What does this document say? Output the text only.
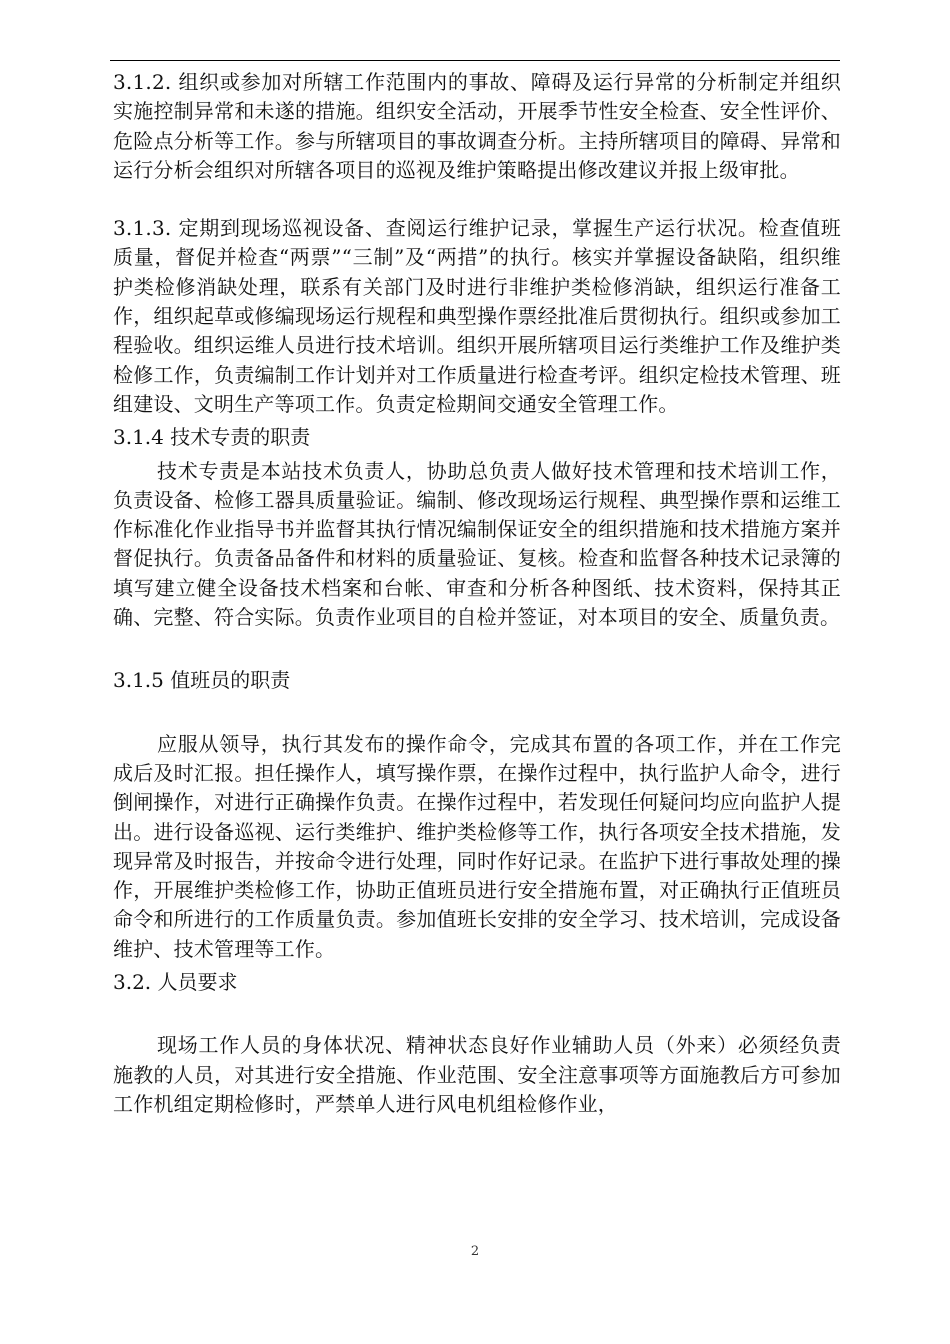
3.1.2. 组织或参加对所辖工作范围内的事故、障碍及运行异常的分析制定并组织实施控制异常和未遂的措施。组织安全活动，开展季节性安全检查、安全性评价、危险点分析等工作。参与所辖项目的事故调查分析。主持所辖项目的障碍、异常和运行分析会组织对所辖各项目的巡视及维护策略提出修改建议并报上级审批。

3.1.3. 定期到现场巡视设备、查阅运行维护记录，掌握生产运行状况。检查值班质量，督促并检查“两票”“三制”及“两措”的执行。核实并掌握设备缺陷，组织维护类检修消缺处理，联系有关部门及时进行非维护类检修消缺，组织运行准备工作，组织起草或修编现场运行规程和典型操作票经批准后贯彻执行。组织或参加工程验收。组织运维人员进行技术培训。组织开展所辖项目运行类维护工作及维护类检修工作，负责编制工作计划并对工作质量进行检查考评。组织定检技术管理、班组建设、文明生产等项工作。负责定检期间交通安全管理工作。

3.1.4 技术专责的职责

技术专责是本站技术负责人，协助总负责人做好技术管理和技术培训工作，负责设备、检修工器具质量验证。编制、修改现场运行规程、典型操作票和运维工作标准化作业指导书并监督其执行情况编制保证安全的组织措施和技术措施方案并督促执行。负责备品备件和材料的质量验证、复核。检查和监督各种技术记录簿的填写建立健全设备技术档案和台帐、审查和分析各种图纸、技术资料，保持其正确、完整、符合实际。负责作业项目的自检并签证，对本项目的安全、质量负责。

3.1.5 值班员的职责

应服从领导，执行其发布的操作命令，完成其布置的各项工作，并在工作完成后及时汇报。担任操作人，填写操作票，在操作过程中，执行监护人命令，进行倒闸操作，对进行正确操作负责。在操作过程中，若发现任何疑问均应向监护人提出。进行设备巡视、运行类维护、维护类检修等工作，执行各项安全技术措施，发现异常及时报告，并按命令进行处理，同时作好记录。在监护下进行事故处理的操作，开展维护类检修工作，协助正值班员进行安全措施布置，对正确执行正值班员命令和所进行的工作质量负责。参加值班长安排的安全学习、技术培训，完成设备维护、技术管理等工作。

3.2. 人员要求

现场工作人员的身体状况、精神状态良好作业辅助人员（外来）必须经负责施教的人员，对其进行安全措施、作业范围、安全注意事项等方面施教后方可参加工作机组定期检修时，严禁单人进行风电机组检修作业，

2
